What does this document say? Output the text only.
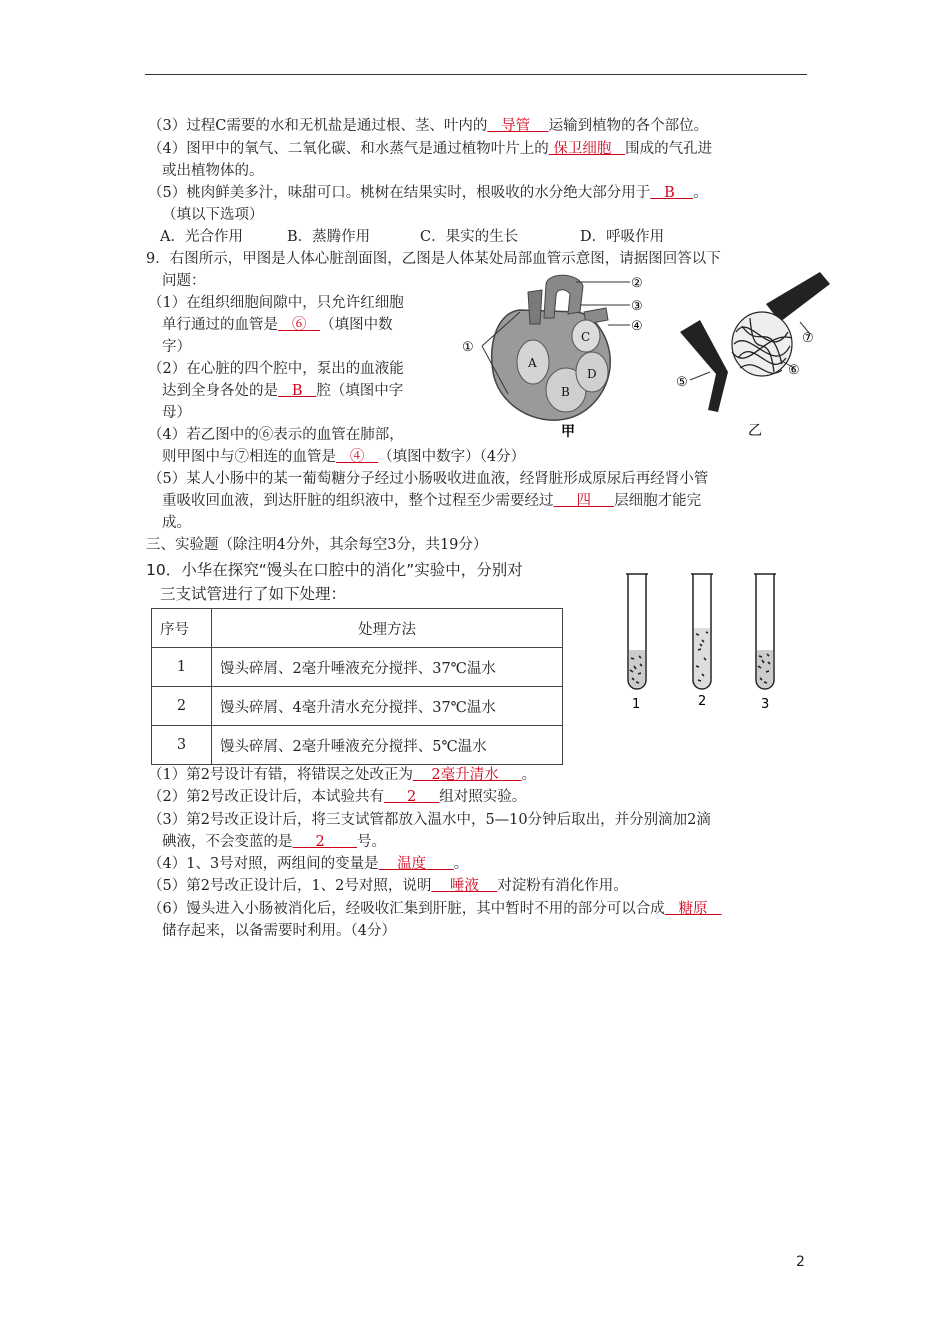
（3）过程C需要的水和无机盐是通过根、茎、叶内的 导管 运输到植物的各个部位。
（4）图甲中的氧气、二氧化碳、和水蒸气是通过植物叶片上的 保卫细胞 围成的气孔进
或出植物体的。
（5）桃肉鲜美多汁，味甜可口。桃树在结果实时，根吸收的水分绝大部分用于 B 。
（填以下选项）
A．光合作用	B．蒸腾作用	C．果实的生长	D．呼吸作用
9．右图所示，甲图是人体心脏剖面图，乙图是人体某处局部血管示意图，请据图回答以下
问题：
（1）在组织细胞间隙中，只允许红细胞
单行通过的血管是 ⑥ （填图中数
字）
（2）在心脏的四个腔中，泵出的血液能
达到全身各处的是 B 腔（填图中字
母）
（4）若乙图中的⑥表示的血管在肺部，
则甲图中与⑦相连的血管是 ④ （填图中数字）（4分）
（5）某人小肠中的某一葡萄糖分子经过小肠吸收进血液，经肾脏形成原尿后再经肾小管
重吸收回血液，到达肝脏的组织液中，整个过程至少需要经过 四 层细胞才能完
成。
A
B
C
D
②
③
④
①
甲
⑦
⑥
⑤
乙
三、实验题（除注明4分外，其余每空3分，共19分）
10．小华在探究“馒头在口腔中的消化”实验中，分别对
三支试管进行了如下处理：
序号	处理方法
1	馒头碎屑、2毫升唾液充分搅拌、37℃温水
2	馒头碎屑、4毫升清水充分搅拌、37℃温水
3	馒头碎屑、2毫升唾液充分搅拌、5℃温水
1	2	3
（1）第2号设计有错，将错误之处改正为 2毫升清水 。
（2）第2号改正设计后，本试验共有 2 组对照实验。
（3）第2号改正设计后，将三支试管都放入温水中，5—10分钟后取出，并分别滴加2滴
碘液，不会变蓝的是 2 号。
（4）1、3号对照，两组间的变量是 温度 。
（5）第2号改正设计后，1、2号对照，说明 唾液 对淀粉有消化作用。
（6）馒头进入小肠被消化后，经吸收汇集到肝脏，其中暂时不用的部分可以合成 糖原
储存起来，以备需要时利用。（4分）
2
